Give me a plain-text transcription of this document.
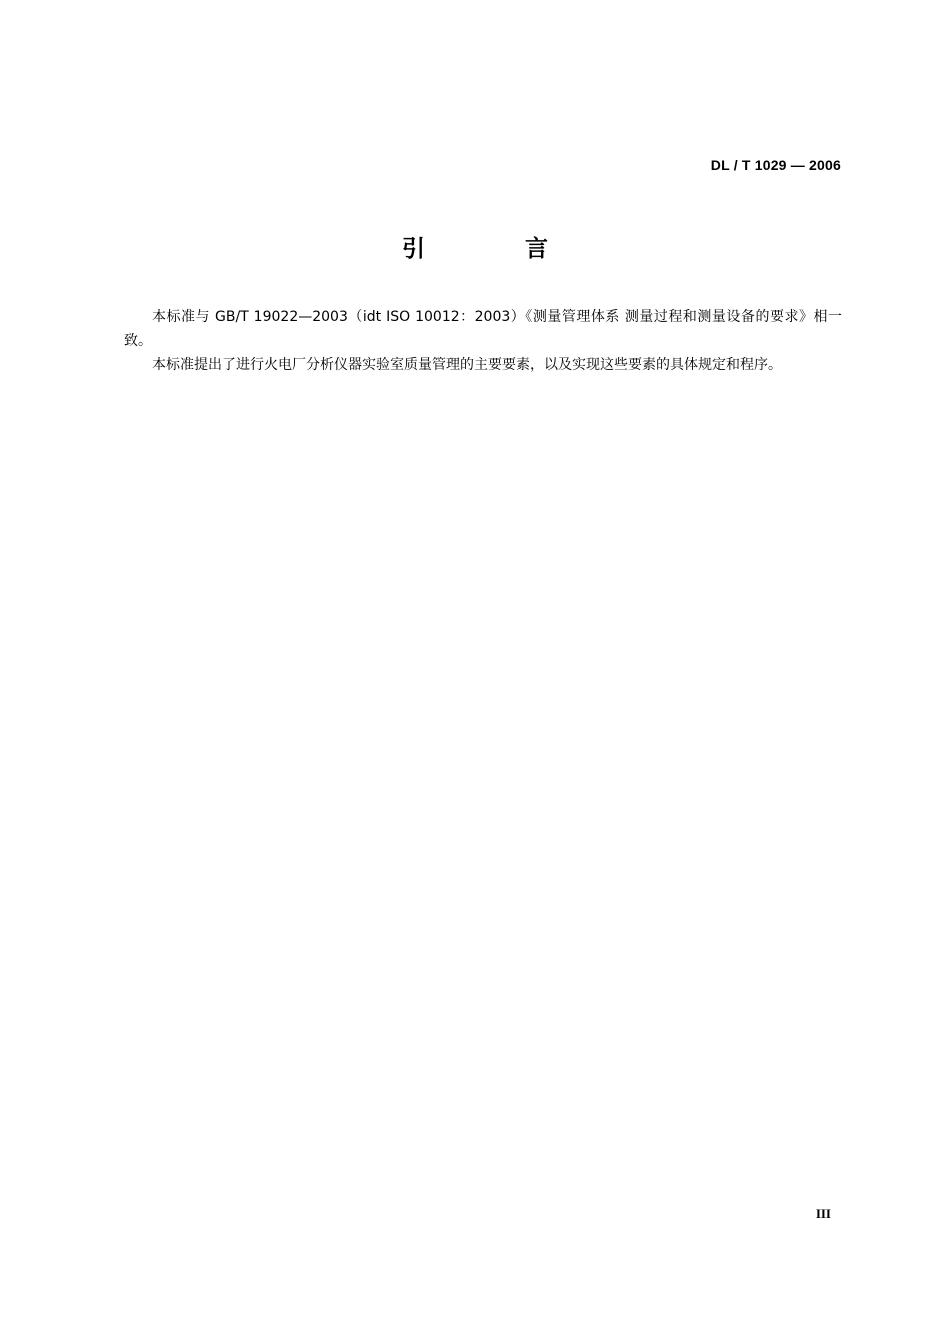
DL / T 1029 — 2006
引 言

本标准与 GB/T 19022—2003（idt ISO 10012：2003）《测量管理体系 测量过程和测量设备的要求》相一致。

本标准提出了进行火电厂分析仪器实验室质量管理的主要要素，以及实现这些要素的具体规定和程序。

III
